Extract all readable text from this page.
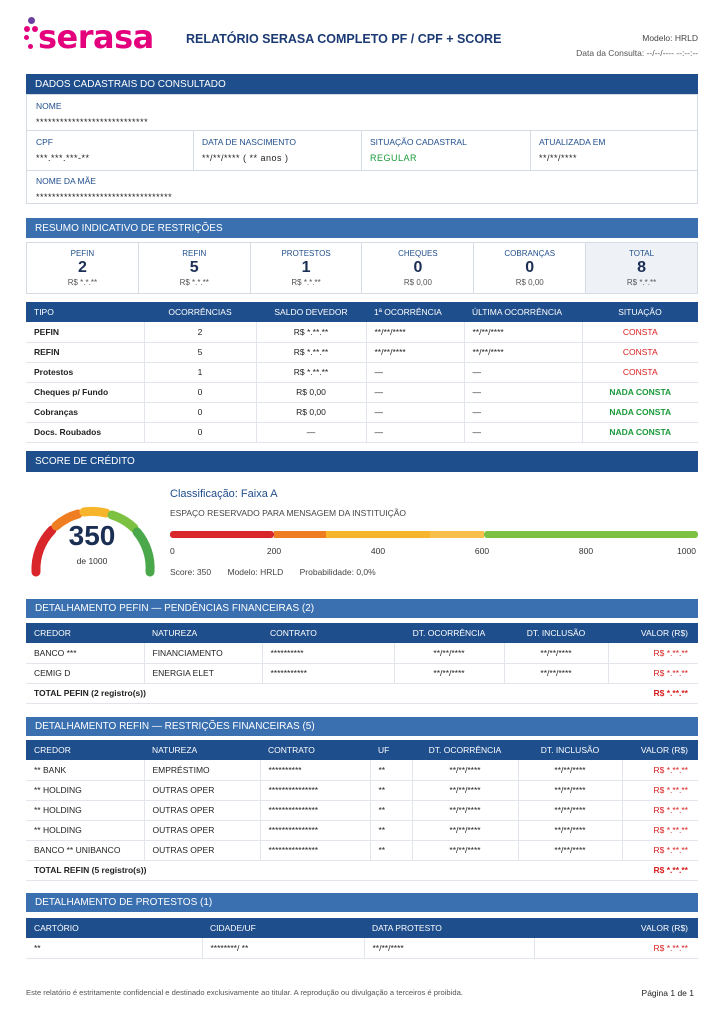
serasa	RELATÓRIO SERASA COMPLETO PF / CPF + SCORE	Modelo: HRLD
Data da Consulta: --/--/---- --:--:--
DADOS CADASTRAIS DO CONSULTADO
NOME
****************************
CPF
***.***.***-**
DATA DE NASCIMENTO
**/**/**** ( ** anos )
SITUAÇÃO CADASTRAL
REGULAR
ATUALIZADA EM
**/**/****
NOME DA MÃE
**********************************
RESUMO INDICATIVO DE RESTRIÇÕES
PEFIN
2
R$ *.*.**
REFIN
5
R$ *.*.**
PROTESTOS
1
R$ *.*.**
CHEQUES
0
R$ 0,00
COBRANÇAS
0
R$ 0,00
TOTAL
8
R$ *.*.**
TIPO	OCORRÊNCIAS	SALDO DEVEDOR	1ª OCORRÊNCIA	ÚLTIMA OCORRÊNCIA	SITUAÇÃO
PEFIN	2	R$ *.**.**	**/**/****	**/**/****	CONSTA
REFIN	5	R$ *.**.**	**/**/****	**/**/****	CONSTA
Protestos	1	R$ *.**.**	—	—	CONSTA
Cheques p/ Fundo	0	R$ 0,00	—	—	NADA CONSTA
Cobranças	0	R$ 0,00	—	—	NADA CONSTA
Docs. Roubados	0	—	—	—	NADA CONSTA
SCORE DE CRÉDITO
350
de 1000
Classificação: Faixa A
ESPAÇO RESERVADO PARA MENSAGEM DA INSTITUIÇÃO
0	200	400	600	800	1000
Score: 350 Modelo: HRLD Probabilidade: 0,0%
DETALHAMENTO PEFIN — PENDÊNCIAS FINANCEIRAS (2)
CREDOR	NATUREZA	CONTRATO	DT. OCORRÊNCIA	DT. INCLUSÃO	VALOR (R$)
BANCO ***	FINANCIAMENTO	**********	**/**/****	**/**/****	R$ *.**.**
CEMIG D	ENERGIA ELET	***********	**/**/****	**/**/****	R$ *.**.**
TOTAL PEFIN (2 registro(s))					R$ *.**.**
DETALHAMENTO REFIN — RESTRIÇÕES FINANCEIRAS (5)
CREDOR	NATUREZA	CONTRATO	UF	DT. OCORRÊNCIA	DT. INCLUSÃO	VALOR (R$)
** BANK	EMPRÉSTIMO	**********	**	**/**/****	**/**/****	R$ *.**.**
** HOLDING	OUTRAS OPER	***************	**	**/**/****	**/**/****	R$ *.**.**
** HOLDING	OUTRAS OPER	***************	**	**/**/****	**/**/****	R$ *.**.**
** HOLDING	OUTRAS OPER	***************	**	**/**/****	**/**/****	R$ *.**.**
BANCO ** UNIBANCO	OUTRAS OPER	***************	**	**/**/****	**/**/****	R$ *.**.**
TOTAL REFIN (5 registro(s))						R$ *.**.**
DETALHAMENTO DE PROTESTOS (1)
CARTÓRIO	CIDADE/UF	DATA PROTESTO	VALOR (R$)
**	********/ **	**/**/****	R$ *.**.**
Este relatório é estritamente confidencial e destinado exclusivamente ao titular. A reprodução ou divulgação a terceiros é proibida.	Página 1 de 1
